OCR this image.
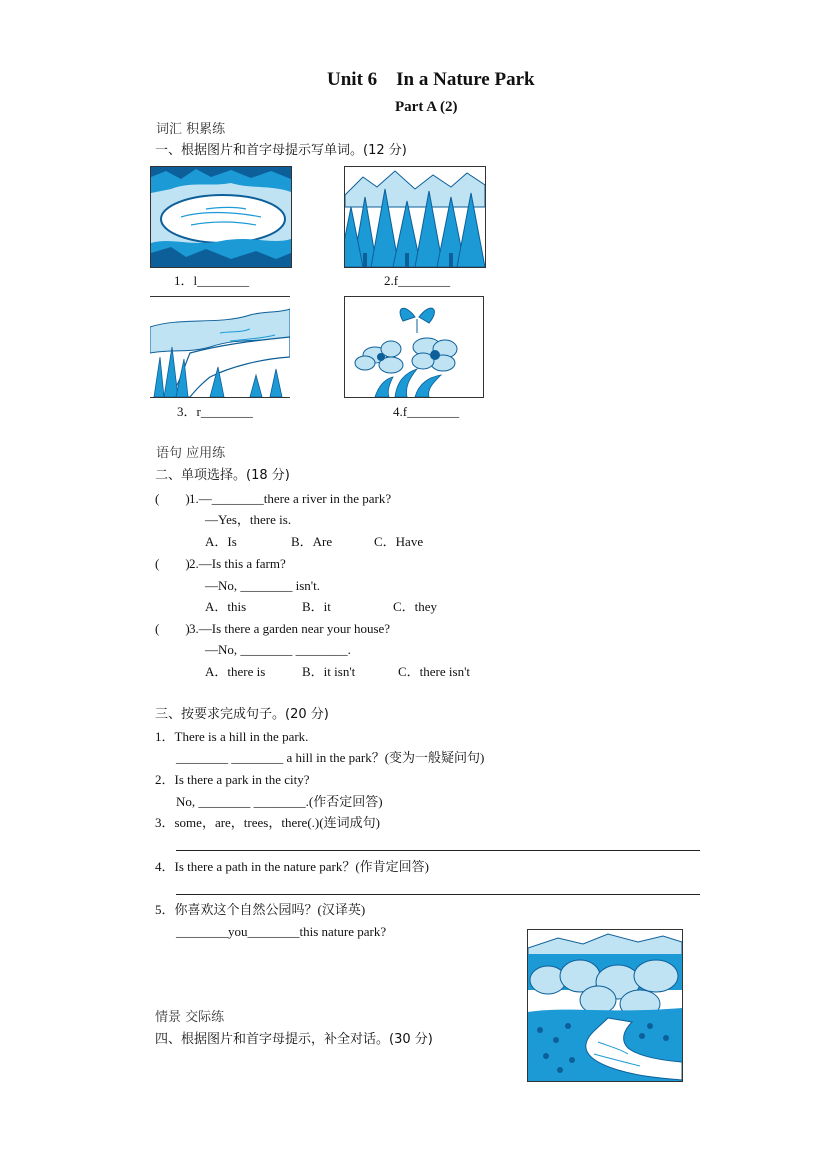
Unit 6　In a Nature Park
Part A (2)
词汇 积累练
一、根据图片和首字母提示写单词。(12 分)
1．l________	2.f________
3．r________	4.f________
语句 应用练
二、单项选择。(18 分)
(　　) 1.—________there a river in the park?
—Yes，there is.
A．Is	B．Are	C．Have
(　　) 2.—Is this a farm?
—No, ________ isn't.
A．this	B．it	C．they
(　　) 3.—Is there a garden near your house?
—No, ________ ________.
A．there is	B．it isn't	C．there isn't
三、按要求完成句子。(20 分)
1．There is a hill in the park.
________ ________ a hill in the park？(变为一般疑问句)
2．Is there a park in the city?
No, ________ ________.(作否定回答)
3．some，are，trees，there(.)(连词成句)
4．Is there a path in the nature park？(作肯定回答)
5．你喜欢这个自然公园吗？(汉译英)
________you________this nature park?
情景 交际练
四、根据图片和首字母提示，补全对话。(30 分)
